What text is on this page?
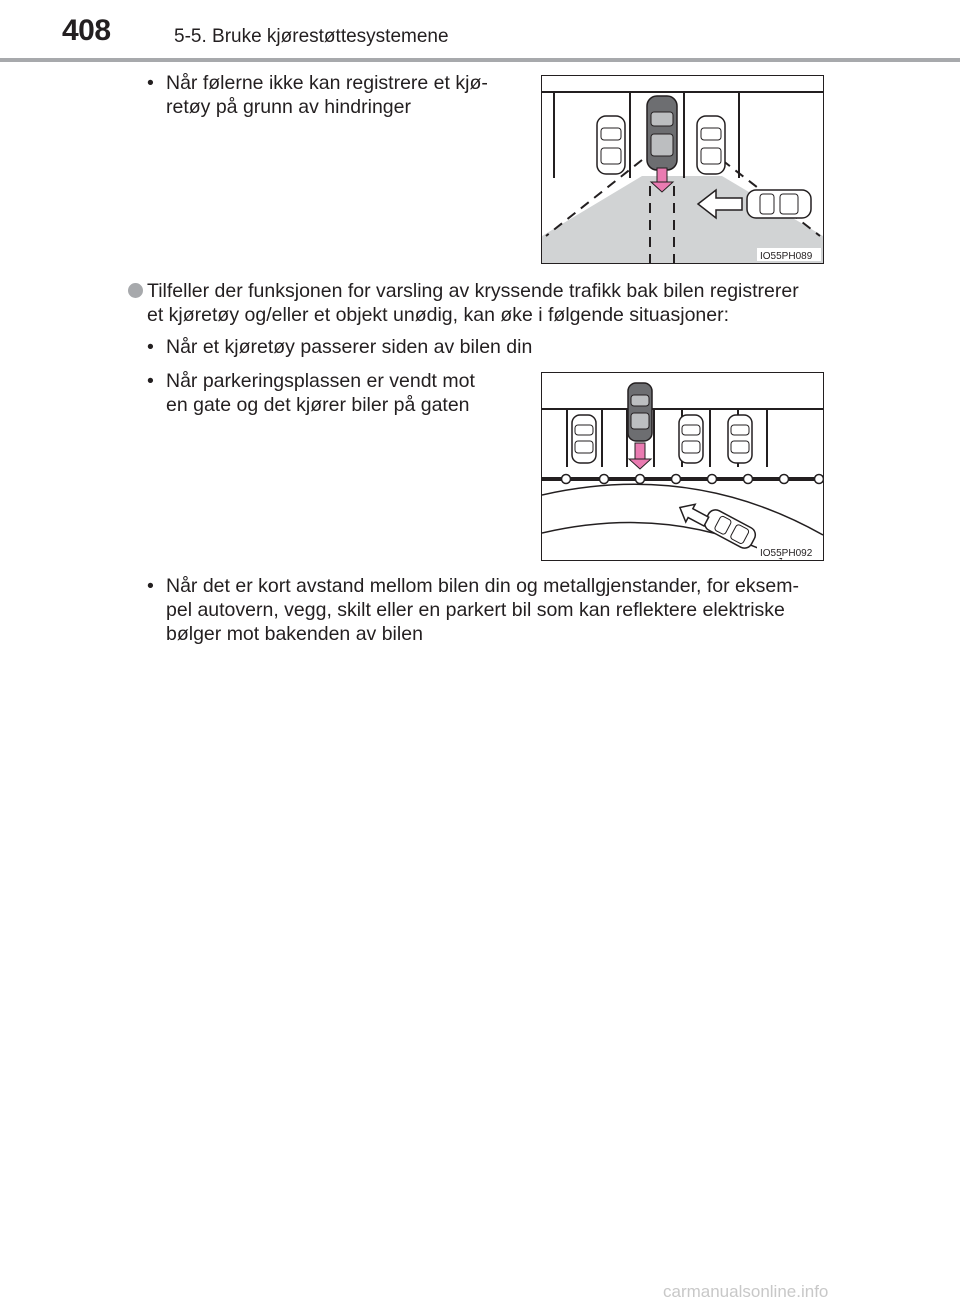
408	5-5. Bruke kjørestøttesystemene
• Når følerne ikke kan registrere et kjø-
retøy på grunn av hindringer
IO55PH089
Tilfeller der funksjonen for varsling av kryssende trafikk bak bilen registrerer
et kjøretøy og/eller et objekt unødig, kan øke i følgende situasjoner:
• Når et kjøretøy passerer siden av bilen din
• Når parkeringsplassen er vendt mot
en gate og det kjører biler på gaten
IO55PH092
• Når det er kort avstand mellom bilen din og metallgjenstander, for eksem-
pel autovern, vegg, skilt eller en parkert bil som kan reflektere elektriske
bølger mot bakenden av bilen
carmanualsonline.info
